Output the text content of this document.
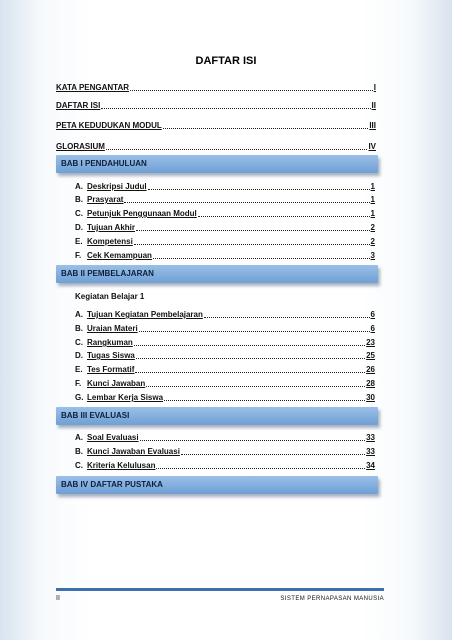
DAFTAR ISI
KATA PENGANTAR	I
DAFTAR ISI	II
PETA KEDUDUKAN MODUL	III
GLORASIUM	IV
BAB I PENDAHULUAN
A. Deskripsi Judul	1
B. Prasyarat	1
C. Petunjuk Penggunaan Modul	1
D. Tujuan Akhir	2
E. Kompetensi	2
F. Cek Kemampuan	3
BAB II PEMBELAJARAN
Kegiatan Belajar 1
A. Tujuan Kegiatan Pembelajaran	6
B. Uraian Materi	6
C. Rangkuman	23
D. Tugas Siswa	25
E. Tes Formatif	26
F. Kunci Jawaban	28
G. Lembar Kerja Siswa	30
BAB III EVALUASI
A. Soal Evaluasi	33
B. Kunci Jawaban Evaluasi	33
C. Kriteria Kelulusan	34
BAB IV DAFTAR PUSTAKA
II	SISTEM PERNAPASAN MANUSIA
